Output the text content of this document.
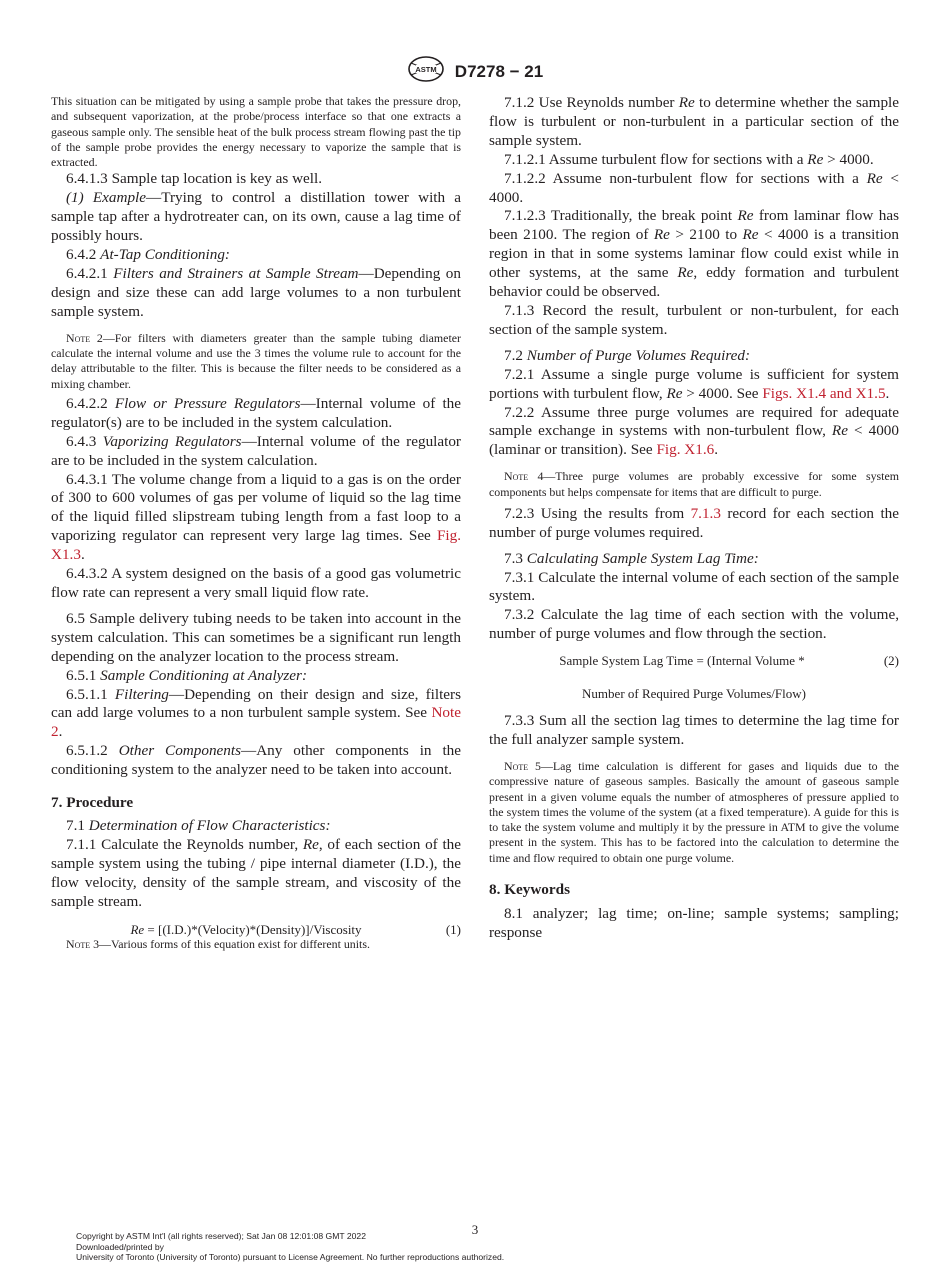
ASTM D7278 − 21

This situation can be mitigated by using a sample probe that takes the pressure drop, and subsequent vaporization, at the probe/process interface so that one extracts a gaseous sample only. The sensible heat of the bulk process stream flowing past the tip of the sample probe provides the energy necessary to vaporize the sample that is extracted.

6.4.1.3 Sample tap location is key as well.

(1) Example—Trying to control a distillation tower with a sample tap after a hydrotreater can, on its own, cause a lag time of possibly hours.

6.4.2 At-Tap Conditioning:

6.4.2.1 Filters and Strainers at Sample Stream—Depending on design and size these can add large volumes to a non turbulent sample system.

Note 2—For filters with diameters greater than the sample tubing diameter calculate the internal volume and use the 3 times the volume rule to account for the delay attributable to the filter. This is because the filter needs to be considered as a mixing chamber.

6.4.2.2 Flow or Pressure Regulators—Internal volume of the regulator(s) are to be included in the system calculation.

6.4.3 Vaporizing Regulators—Internal volume of the regulator are to be included in the system calculation.

6.4.3.1 The volume change from a liquid to a gas is on the order of 300 to 600 volumes of gas per volume of liquid so the lag time of the liquid filled slipstream tubing length from a fast loop to a vaporizing regulator can represent very large lag times. See Fig. X1.3.

6.4.3.2 A system designed on the basis of a good gas volumetric flow rate can represent a very small liquid flow rate.

6.5 Sample delivery tubing needs to be taken into account in the system calculation. This can sometimes be a significant run length depending on the analyzer location to the process stream.

6.5.1 Sample Conditioning at Analyzer:

6.5.1.1 Filtering—Depending on their design and size, filters can add large volumes to a non turbulent sample system. See Note 2.

6.5.1.2 Other Components—Any other components in the conditioning system to the analyzer need to be taken into account.

7. Procedure

7.1 Determination of Flow Characteristics:

7.1.1 Calculate the Reynolds number, Re, of each section of the sample system using the tubing / pipe internal diameter (I.D.), the flow velocity, density of the sample stream, and viscosity of the sample stream.

Re = [(I.D.)*(Velocity)*(Density)]/Viscosity	(1)

Note 3—Various forms of this equation exist for different units.

7.1.2 Use Reynolds number Re to determine whether the sample flow is turbulent or non-turbulent in a particular section of the sample system.

7.1.2.1 Assume turbulent flow for sections with a Re > 4000.

7.1.2.2 Assume non-turbulent flow for sections with a Re < 4000.

7.1.2.3 Traditionally, the break point Re from laminar flow has been 2100. The region of Re > 2100 to Re < 4000 is a transition region in that in some systems laminar flow could exist while in other systems, at the same Re, eddy formation and turbulent behavior could be observed.

7.1.3 Record the result, turbulent or non-turbulent, for each section of the sample system.

7.2 Number of Purge Volumes Required:

7.2.1 Assume a single purge volume is sufficient for system portions with turbulent flow, Re > 4000. See Figs. X1.4 and X1.5.

7.2.2 Assume three purge volumes are required for adequate sample exchange in systems with non-turbulent flow, Re < 4000 (laminar or transition). See Fig. X1.6.

Note 4—Three purge volumes are probably excessive for some system components but helps compensate for items that are difficult to purge.

7.2.3 Using the results from 7.1.3 record for each section the number of purge volumes required.

7.3 Calculating Sample System Lag Time:

7.3.1 Calculate the internal volume of each section of the sample system.

7.3.2 Calculate the lag time of each section with the volume, number of purge volumes and flow through the section.

Sample System Lag Time = (Internal Volume *	(2)
Number of Required Purge Volumes/Flow)

7.3.3 Sum all the section lag times to determine the lag time for the full analyzer sample system.

Note 5—Lag time calculation is different for gases and liquids due to the compressive nature of gaseous samples. Basically the amount of gaseous sample present in a given volume equals the number of atmospheres of pressure applied to the system times the volume of the system (at a fixed temperature). A guide for this is to take the system volume and multiply it by the pressure in ATM to give the volume present in the system. This has to be factored into the calculation to determine the time and flow required to obtain one purge volume.

8. Keywords

8.1 analyzer; lag time; on-line; sample systems; sampling; response

3
Copyright by ASTM Int'l (all rights reserved); Sat Jan 08 12:01:08 GMT 2022
Downloaded/printed by
University of Toronto (University of Toronto) pursuant to License Agreement. No further reproductions authorized.
